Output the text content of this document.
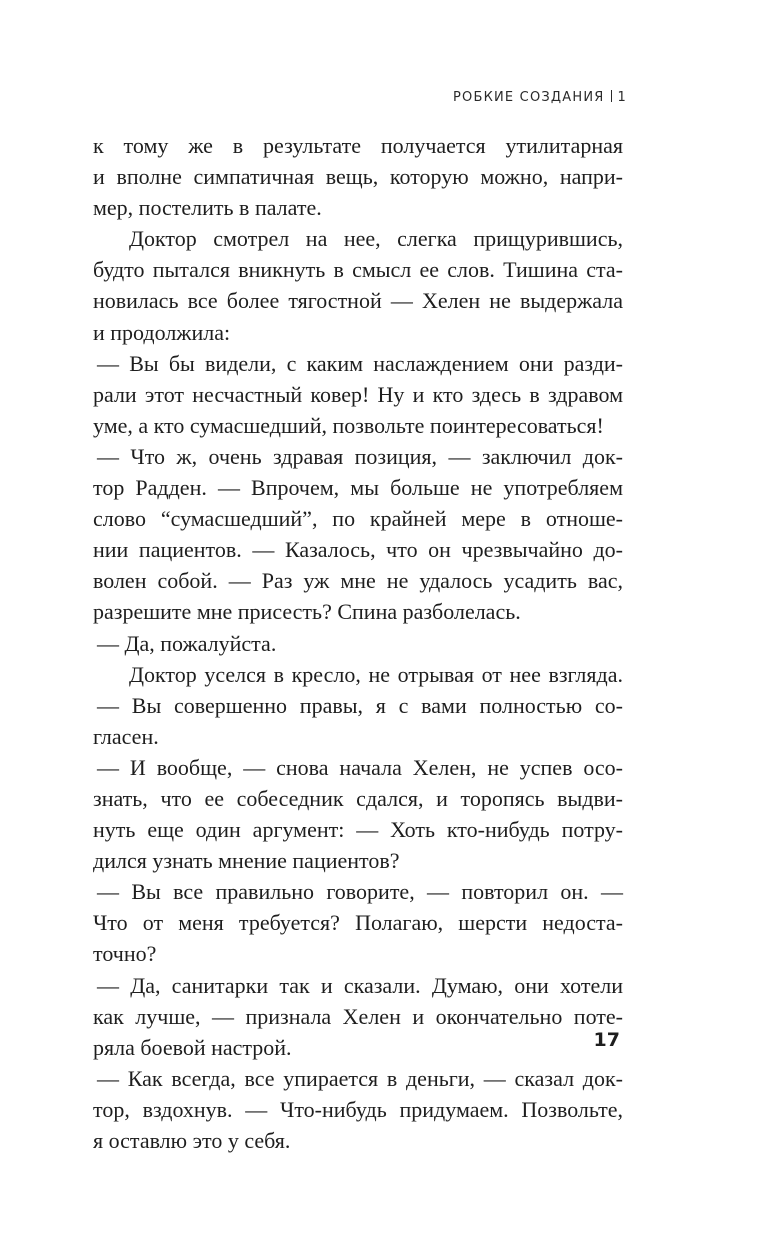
РОБКИЕ СОЗДАНИЯ 1
к тому же в результате получается утилитарная
и вполне симпатичная вещь, которую можно, напри-
мер, постелить в палате.
Доктор смотрел на нее, слегка прищурившись,
будто пытался вникнуть в смысл ее слов. Тишина ста-
новилась все более тягостной — Хелен не выдержала
и продолжила:
— Вы бы видели, с каким наслаждением они разди-
рали этот несчастный ковер! Ну и кто здесь в здравом
уме, а кто сумасшедший, позвольте поинтересоваться!
— Что ж, очень здравая позиция, — заключил док-
тор Радден. — Впрочем, мы больше не употребляем
слово “сумасшедший”, по крайней мере в отноше-
нии пациентов. — Казалось, что он чрезвычайно до-
волен собой. — Раз уж мне не удалось усадить вас,
разрешите мне присесть? Спина разболелась.
— Да, пожалуйста.
Доктор уселся в кресло, не отрывая от нее взгляда.
— Вы совершенно правы, я с вами полностью со-
гласен.
— И вообще, — снова начала Хелен, не успев осо-
знать, что ее собеседник сдался, и торопясь выдви-
нуть еще один аргумент: — Хоть кто-нибудь потру-
дился узнать мнение пациентов?
— Вы все правильно говорите, — повторил он. —
Что от меня требуется? Полагаю, шерсти недоста-
точно?
— Да, санитарки так и сказали. Думаю, они хотели
как лучше, — признала Хелен и окончательно поте-
ряла боевой настрой.
— Как всегда, все упирается в деньги, — сказал док-
тор, вздохнув. — Что-нибудь придумаем. Позвольте,
я оставлю это у себя.
17
